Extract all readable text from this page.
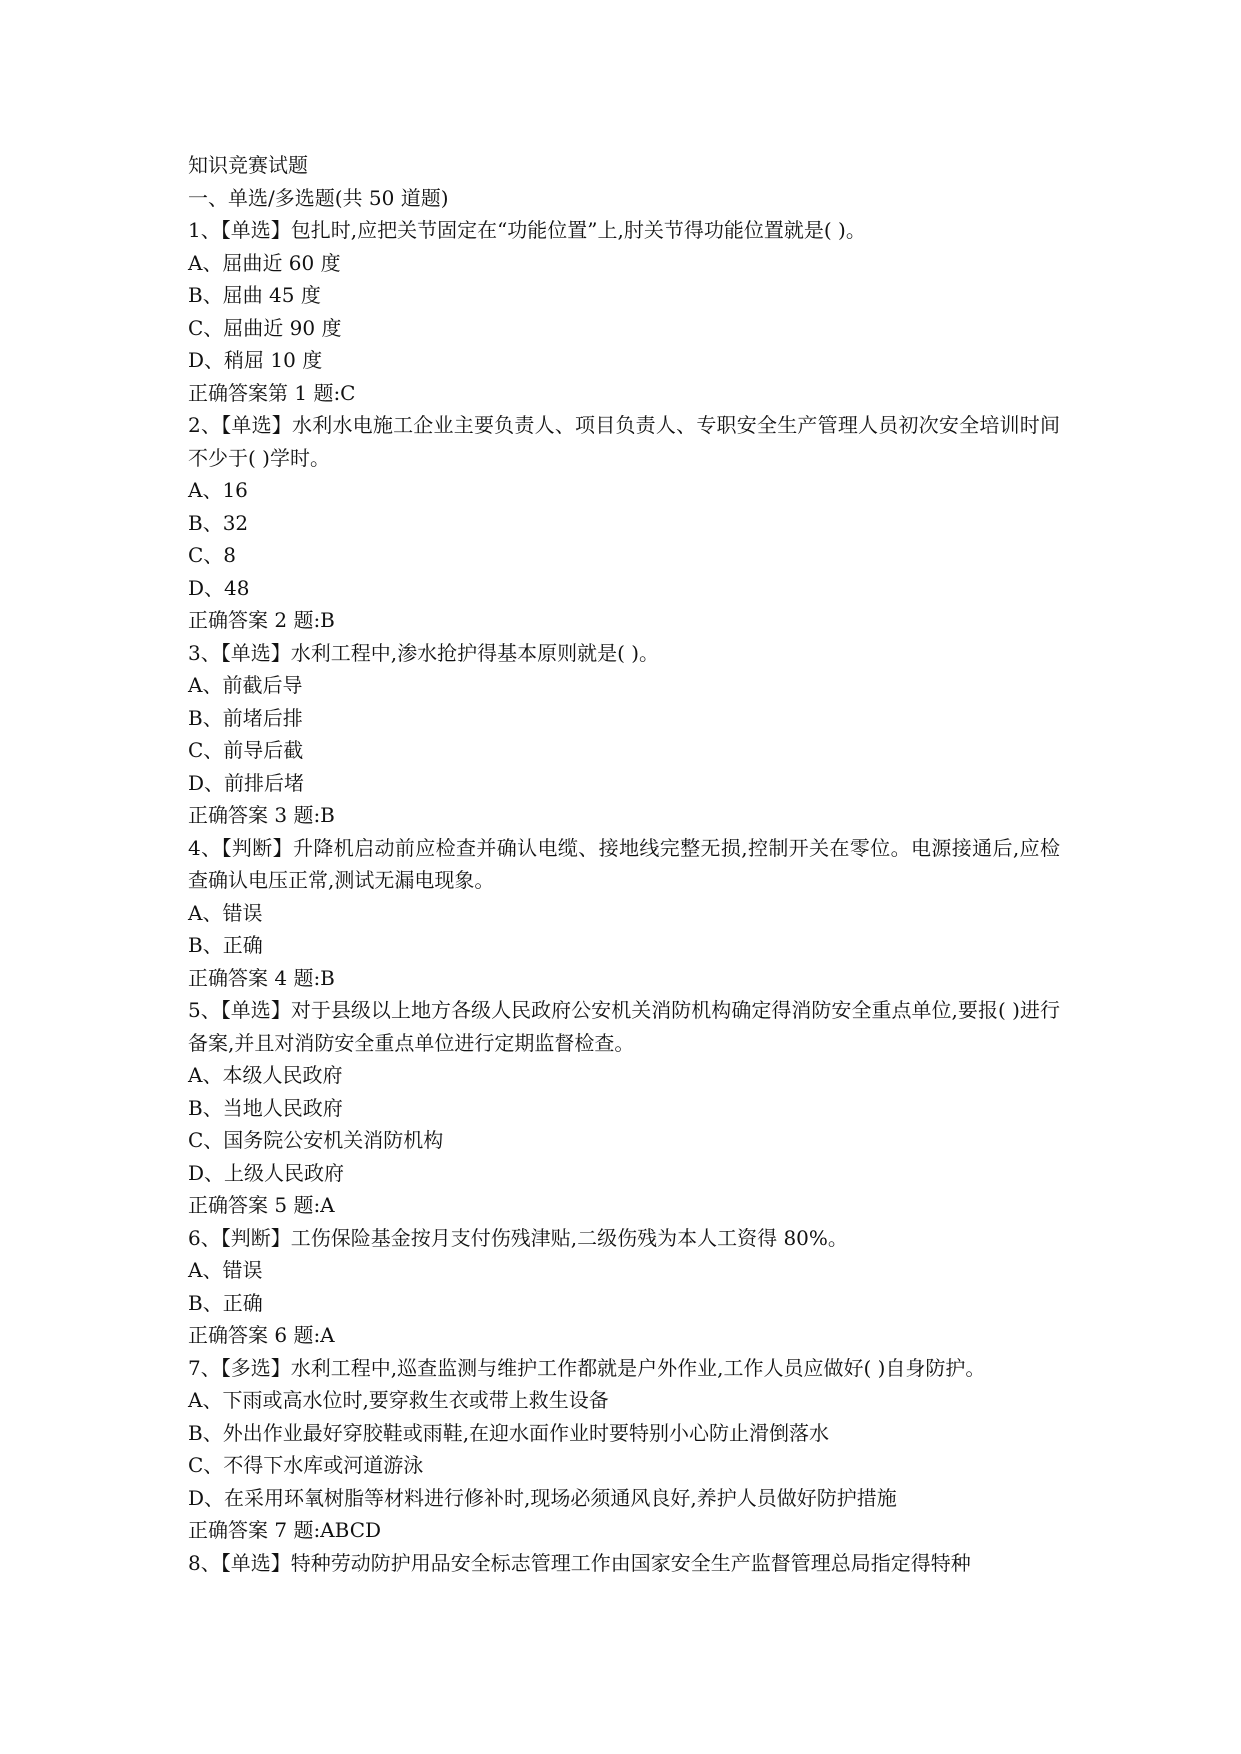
知识竞赛试题

一、单选/多选题(共 50 道题)

1、【单选】包扎时,应把关节固定在“功能位置”上,肘关节得功能位置就是( )。

A、屈曲近 60 度

B、屈曲 45 度

C、屈曲近 90 度

D、稍屈 10 度

正确答案第 1 题:C

2、【单选】水利水电施工企业主要负责人、项目负责人、专职安全生产管理人员初次安全培训时间不少于( )学时。

A、16

B、32

C、8

D、48

正确答案 2 题:B

3、【单选】水利工程中,渗水抢护得基本原则就是( )。

A、前截后导

B、前堵后排

C、前导后截

D、前排后堵

正确答案 3 题:B

4、【判断】升降机启动前应检查并确认电缆、接地线完整无损,控制开关在零位。电源接通后,应检查确认电压正常,测试无漏电现象。

A、错误

B、正确

正确答案 4 题:B

5、【单选】对于县级以上地方各级人民政府公安机关消防机构确定得消防安全重点单位,要报( )进行备案,并且对消防安全重点单位进行定期监督检查。

A、本级人民政府

B、当地人民政府

C、国务院公安机关消防机构

D、上级人民政府

正确答案 5 题:A

6、【判断】工伤保险基金按月支付伤残津贴,二级伤残为本人工资得 80%。

A、错误

B、正确

正确答案 6 题:A

7、【多选】水利工程中,巡查监测与维护工作都就是户外作业,工作人员应做好( )自身防护。

A、下雨或高水位时,要穿救生衣或带上救生设备

B、外出作业最好穿胶鞋或雨鞋,在迎水面作业时要特别小心防止滑倒落水

C、不得下水库或河道游泳

D、在采用环氧树脂等材料进行修补时,现场必须通风良好,养护人员做好防护措施

正确答案 7 题:ABCD

8、【单选】特种劳动防护用品安全标志管理工作由国家安全生产监督管理总局指定得特种
